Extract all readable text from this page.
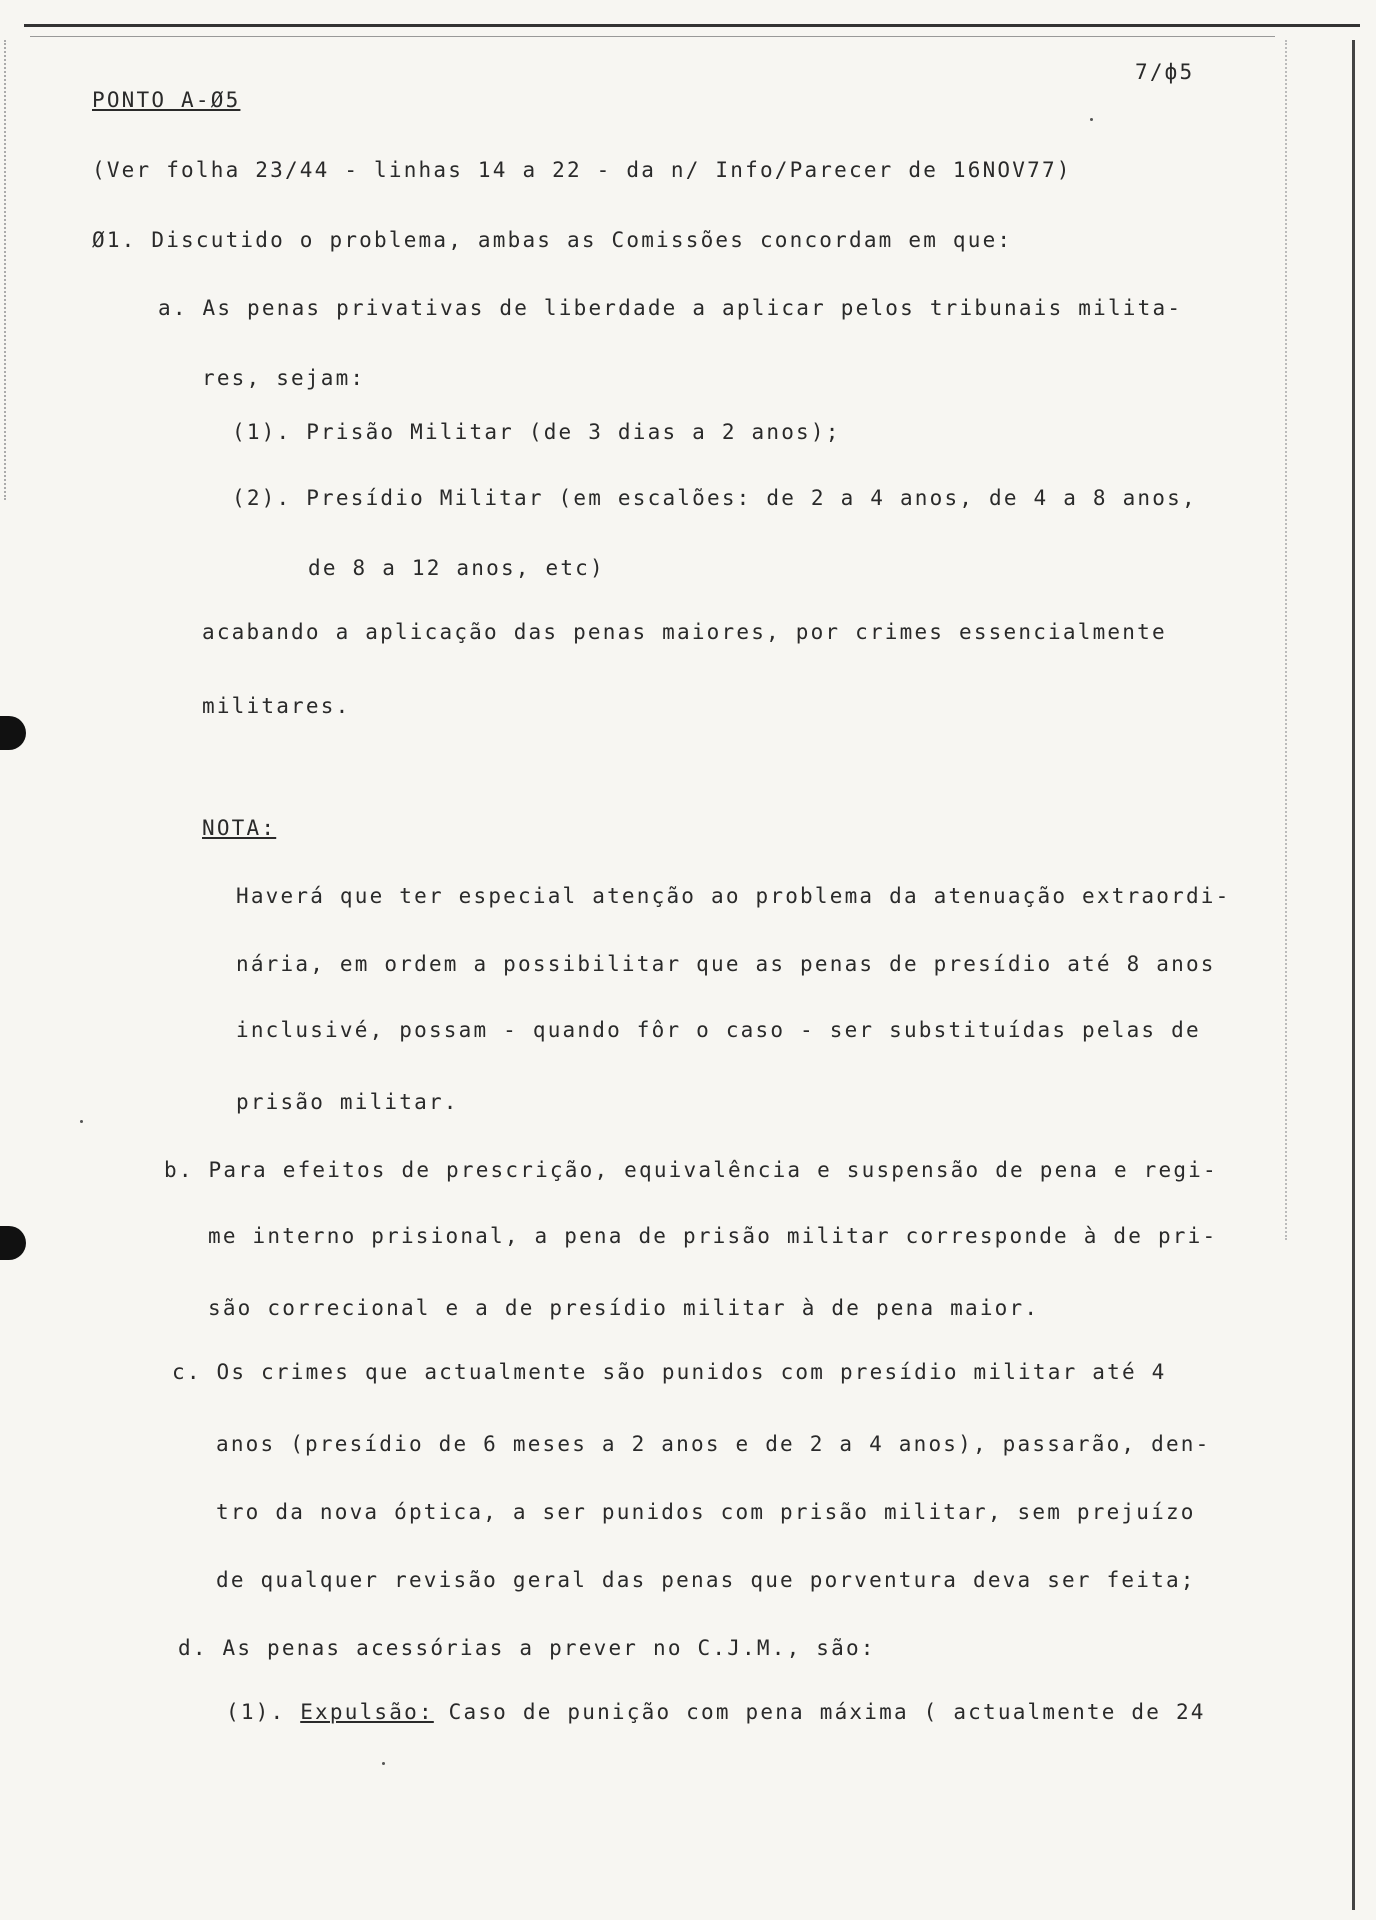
7/ф5
PONTO A-Ø5
(Ver folha 23/44 - linhas 14 a 22 - da n/ Info/Parecer de 16NOV77)
Ø1. Discutido o problema, ambas as Comissões concordam em que:
a. As penas privativas de liberdade a aplicar pelos tribunais milita-
res, sejam:
(1). Prisão Militar (de 3 dias a 2 anos);
(2). Presídio Militar (em escalões: de 2 a 4 anos, de 4 a 8 anos,
de 8 a 12 anos, etc)
acabando a aplicação das penas maiores, por crimes essencialmente
militares.
NOTA:
Haverá que ter especial atenção ao problema da atenuação extraordi-
nária, em ordem a possibilitar que as penas de presídio até 8 anos
inclusivé, possam - quando fôr o caso - ser substituídas pelas de
prisão militar.
b. Para efeitos de prescrição, equivalência e suspensão de pena e regi-
me interno prisional, a pena de prisão militar corresponde à de pri-
são correcional e a de presídio militar à de pena maior.
c. Os crimes que actualmente são punidos com presídio militar até 4
anos (presídio de 6 meses a 2 anos e de 2 a 4 anos), passarão, den-
tro da nova óptica, a ser punidos com prisão militar, sem prejuízo
de qualquer revisão geral das penas que porventura deva ser feita;
d. As penas acessórias a prever no C.J.M., são:
(1). Expulsão: Caso de punição com pena máxima ( actualmente de 24
